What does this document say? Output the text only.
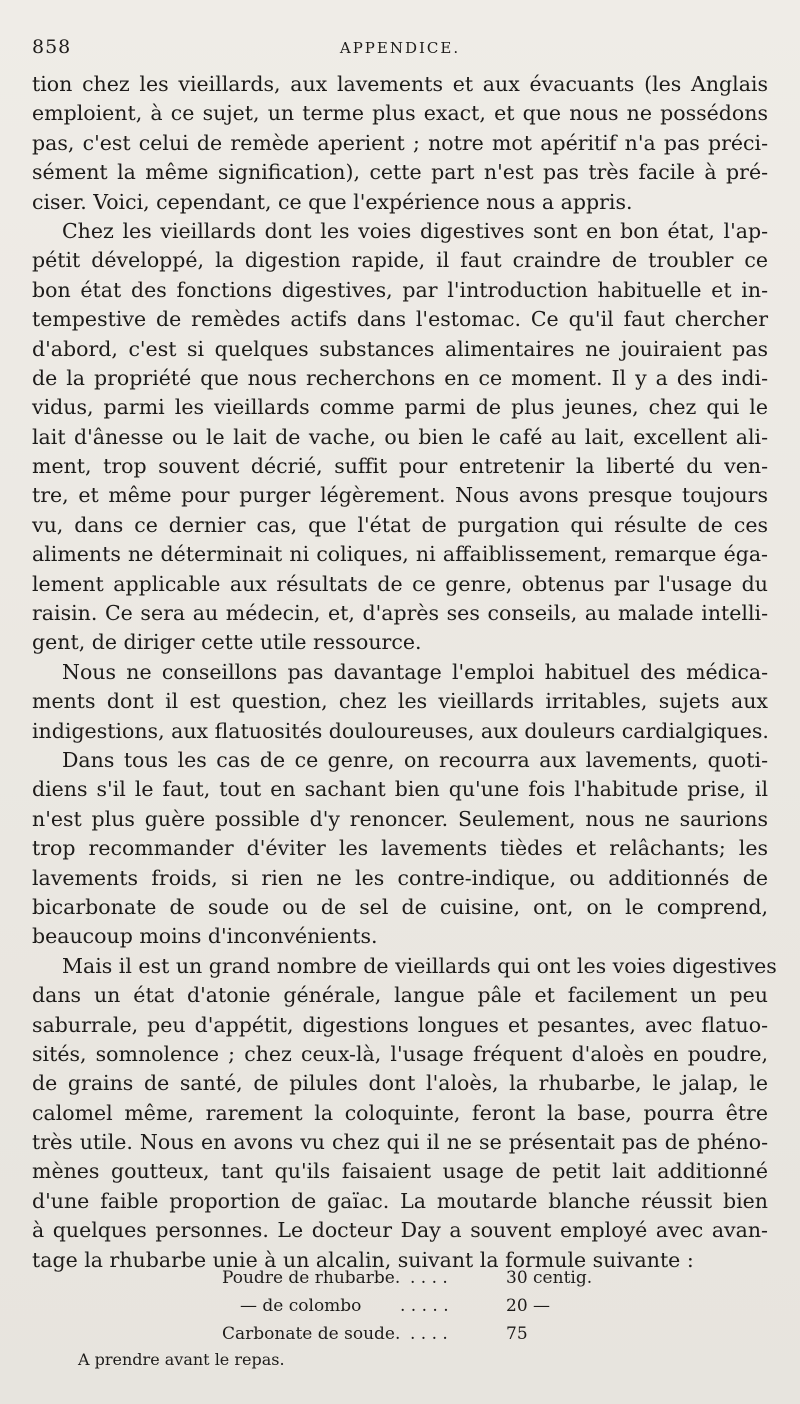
858	APPENDICE.
tion chez les vieillards, aux lavements et aux évacuants (les Anglais
emploient, à ce sujet, un terme plus exact, et que nous ne possédons
pas, c'est celui de remède aperient ; notre mot apéritif n'a pas préci-
sément la même signification), cette part n'est pas très facile à pré-
ciser. Voici, cependant, ce que l'expérience nous a appris.
Chez les vieillards dont les voies digestives sont en bon état, l'ap-
pétit développé, la digestion rapide, il faut craindre de troubler ce
bon état des fonctions digestives, par l'introduction habituelle et in-
tempestive de remèdes actifs dans l'estomac. Ce qu'il faut chercher
d'abord, c'est si quelques substances alimentaires ne jouiraient pas
de la propriété que nous recherchons en ce moment. Il y a des indi-
vidus, parmi les vieillards comme parmi de plus jeunes, chez qui le
lait d'ânesse ou le lait de vache, ou bien le café au lait, excellent ali-
ment, trop souvent décrié, suffit pour entretenir la liberté du ven-
tre, et même pour purger légèrement. Nous avons presque toujours
vu, dans ce dernier cas, que l'état de purgation qui résulte de ces
aliments ne déterminait ni coliques, ni affaiblissement, remarque éga-
lement applicable aux résultats de ce genre, obtenus par l'usage du
raisin. Ce sera au médecin, et, d'après ses conseils, au malade intelli-
gent, de diriger cette utile ressource.
Nous ne conseillons pas davantage l'emploi habituel des médica-
ments dont il est question, chez les vieillards irritables, sujets aux
indigestions, aux flatuosités douloureuses, aux douleurs cardialgiques.
Dans tous les cas de ce genre, on recourra aux lavements, quoti-
diens s'il le faut, tout en sachant bien qu'une fois l'habitude prise, il
n'est plus guère possible d'y renoncer. Seulement, nous ne saurions
trop recommander d'éviter les lavements tièdes et relâchants; les
lavements froids, si rien ne les contre-indique, ou additionnés de
bicarbonate de soude ou de sel de cuisine, ont, on le comprend,
beaucoup moins d'inconvénients.
Mais il est un grand nombre de vieillards qui ont les voies digestives
dans un état d'atonie générale, langue pâle et facilement un peu
saburrale, peu d'appétit, digestions longues et pesantes, avec flatuo-
sités, somnolence ; chez ceux-là, l'usage fréquent d'aloès en poudre,
de grains de santé, de pilules dont l'aloès, la rhubarbe, le jalap, le
calomel même, rarement la coloquinte, feront la base, pourra être
très utile. Nous en avons vu chez qui il ne se présentait pas de phéno-
mènes goutteux, tant qu'ils faisaient usage de petit lait additionné
d'une faible proportion de gaïac. La moutarde blanche réussit bien
à quelques personnes. Le docteur Day a souvent employé avec avan-
tage la rhubarbe unie à un alcalin, suivant la formule suivante :
Poudre de rhubarbe. . . . .	30 centig.
— de colombo . . . . .	20 —
Carbonate de soude. . . . .	75
A prendre avant le repas.
